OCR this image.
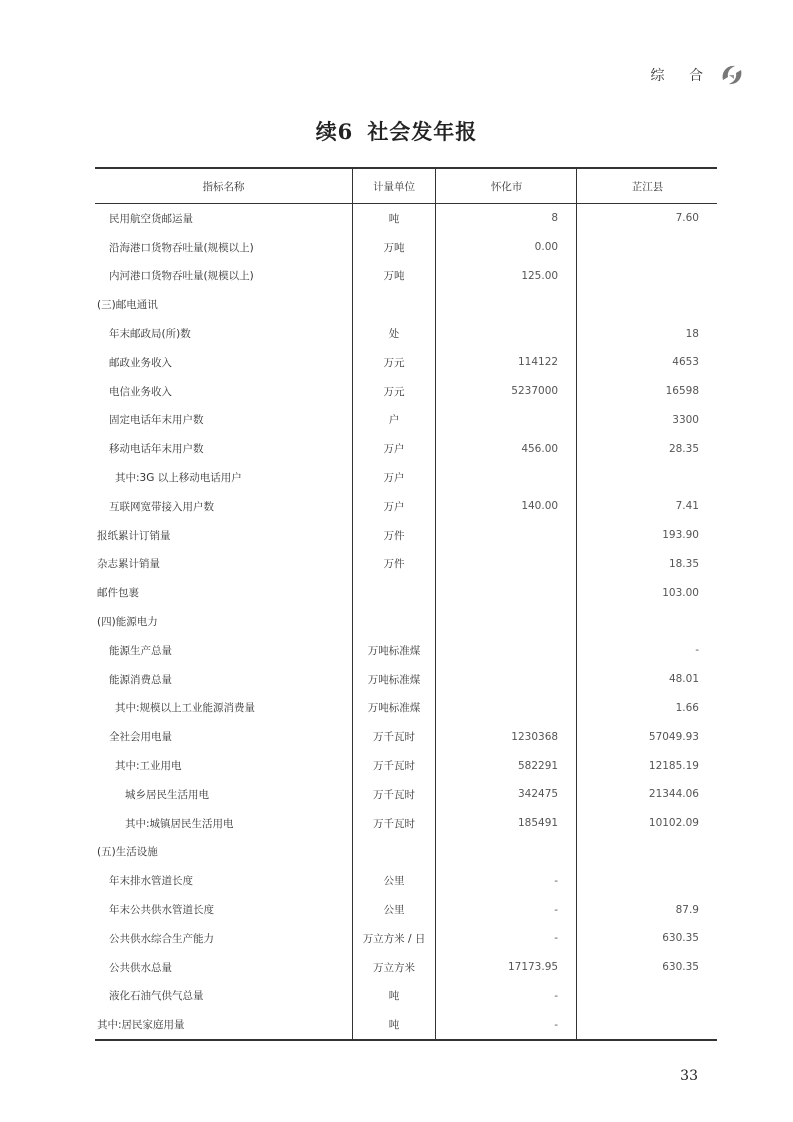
综 合
续6 社会发年报
指标名称	计量单位	怀化市	芷江县
民用航空货邮运量	吨	8	7.60
沿海港口货物吞吐量(规模以上)	万吨	0.00	
内河港口货物吞吐量(规模以上)	万吨	125.00	
(三)邮电通讯			
年末邮政局(所)数	处		18
邮政业务收入	万元	114122	4653
电信业务收入	万元	5237000	16598
固定电话年末用户数	户		3300
移动电话年末用户数	万户	456.00	28.35
其中:3G 以上移动电话用户	万户		
互联网宽带接入用户数	万户	140.00	7.41
报纸累计订销量	万件		193.90
杂志累计销量	万件		18.35
邮件包裹			103.00
(四)能源电力			
能源生产总量	万吨标准煤		-
能源消费总量	万吨标准煤		48.01
其中:规模以上工业能源消费量	万吨标准煤		1.66
全社会用电量	万千瓦时	1230368	57049.93
其中:工业用电	万千瓦时	582291	12185.19
城乡居民生活用电	万千瓦时	342475	21344.06
其中:城镇居民生活用电	万千瓦时	185491	10102.09
(五)生活设施			
年末排水管道长度	公里	-	
年末公共供水管道长度	公里	-	87.9
公共供水综合生产能力	万立方米 / 日	-	630.35
公共供水总量	万立方米	17173.95	630.35
液化石油气供气总量	吨	-	
其中:居民家庭用量	吨	-	
33
